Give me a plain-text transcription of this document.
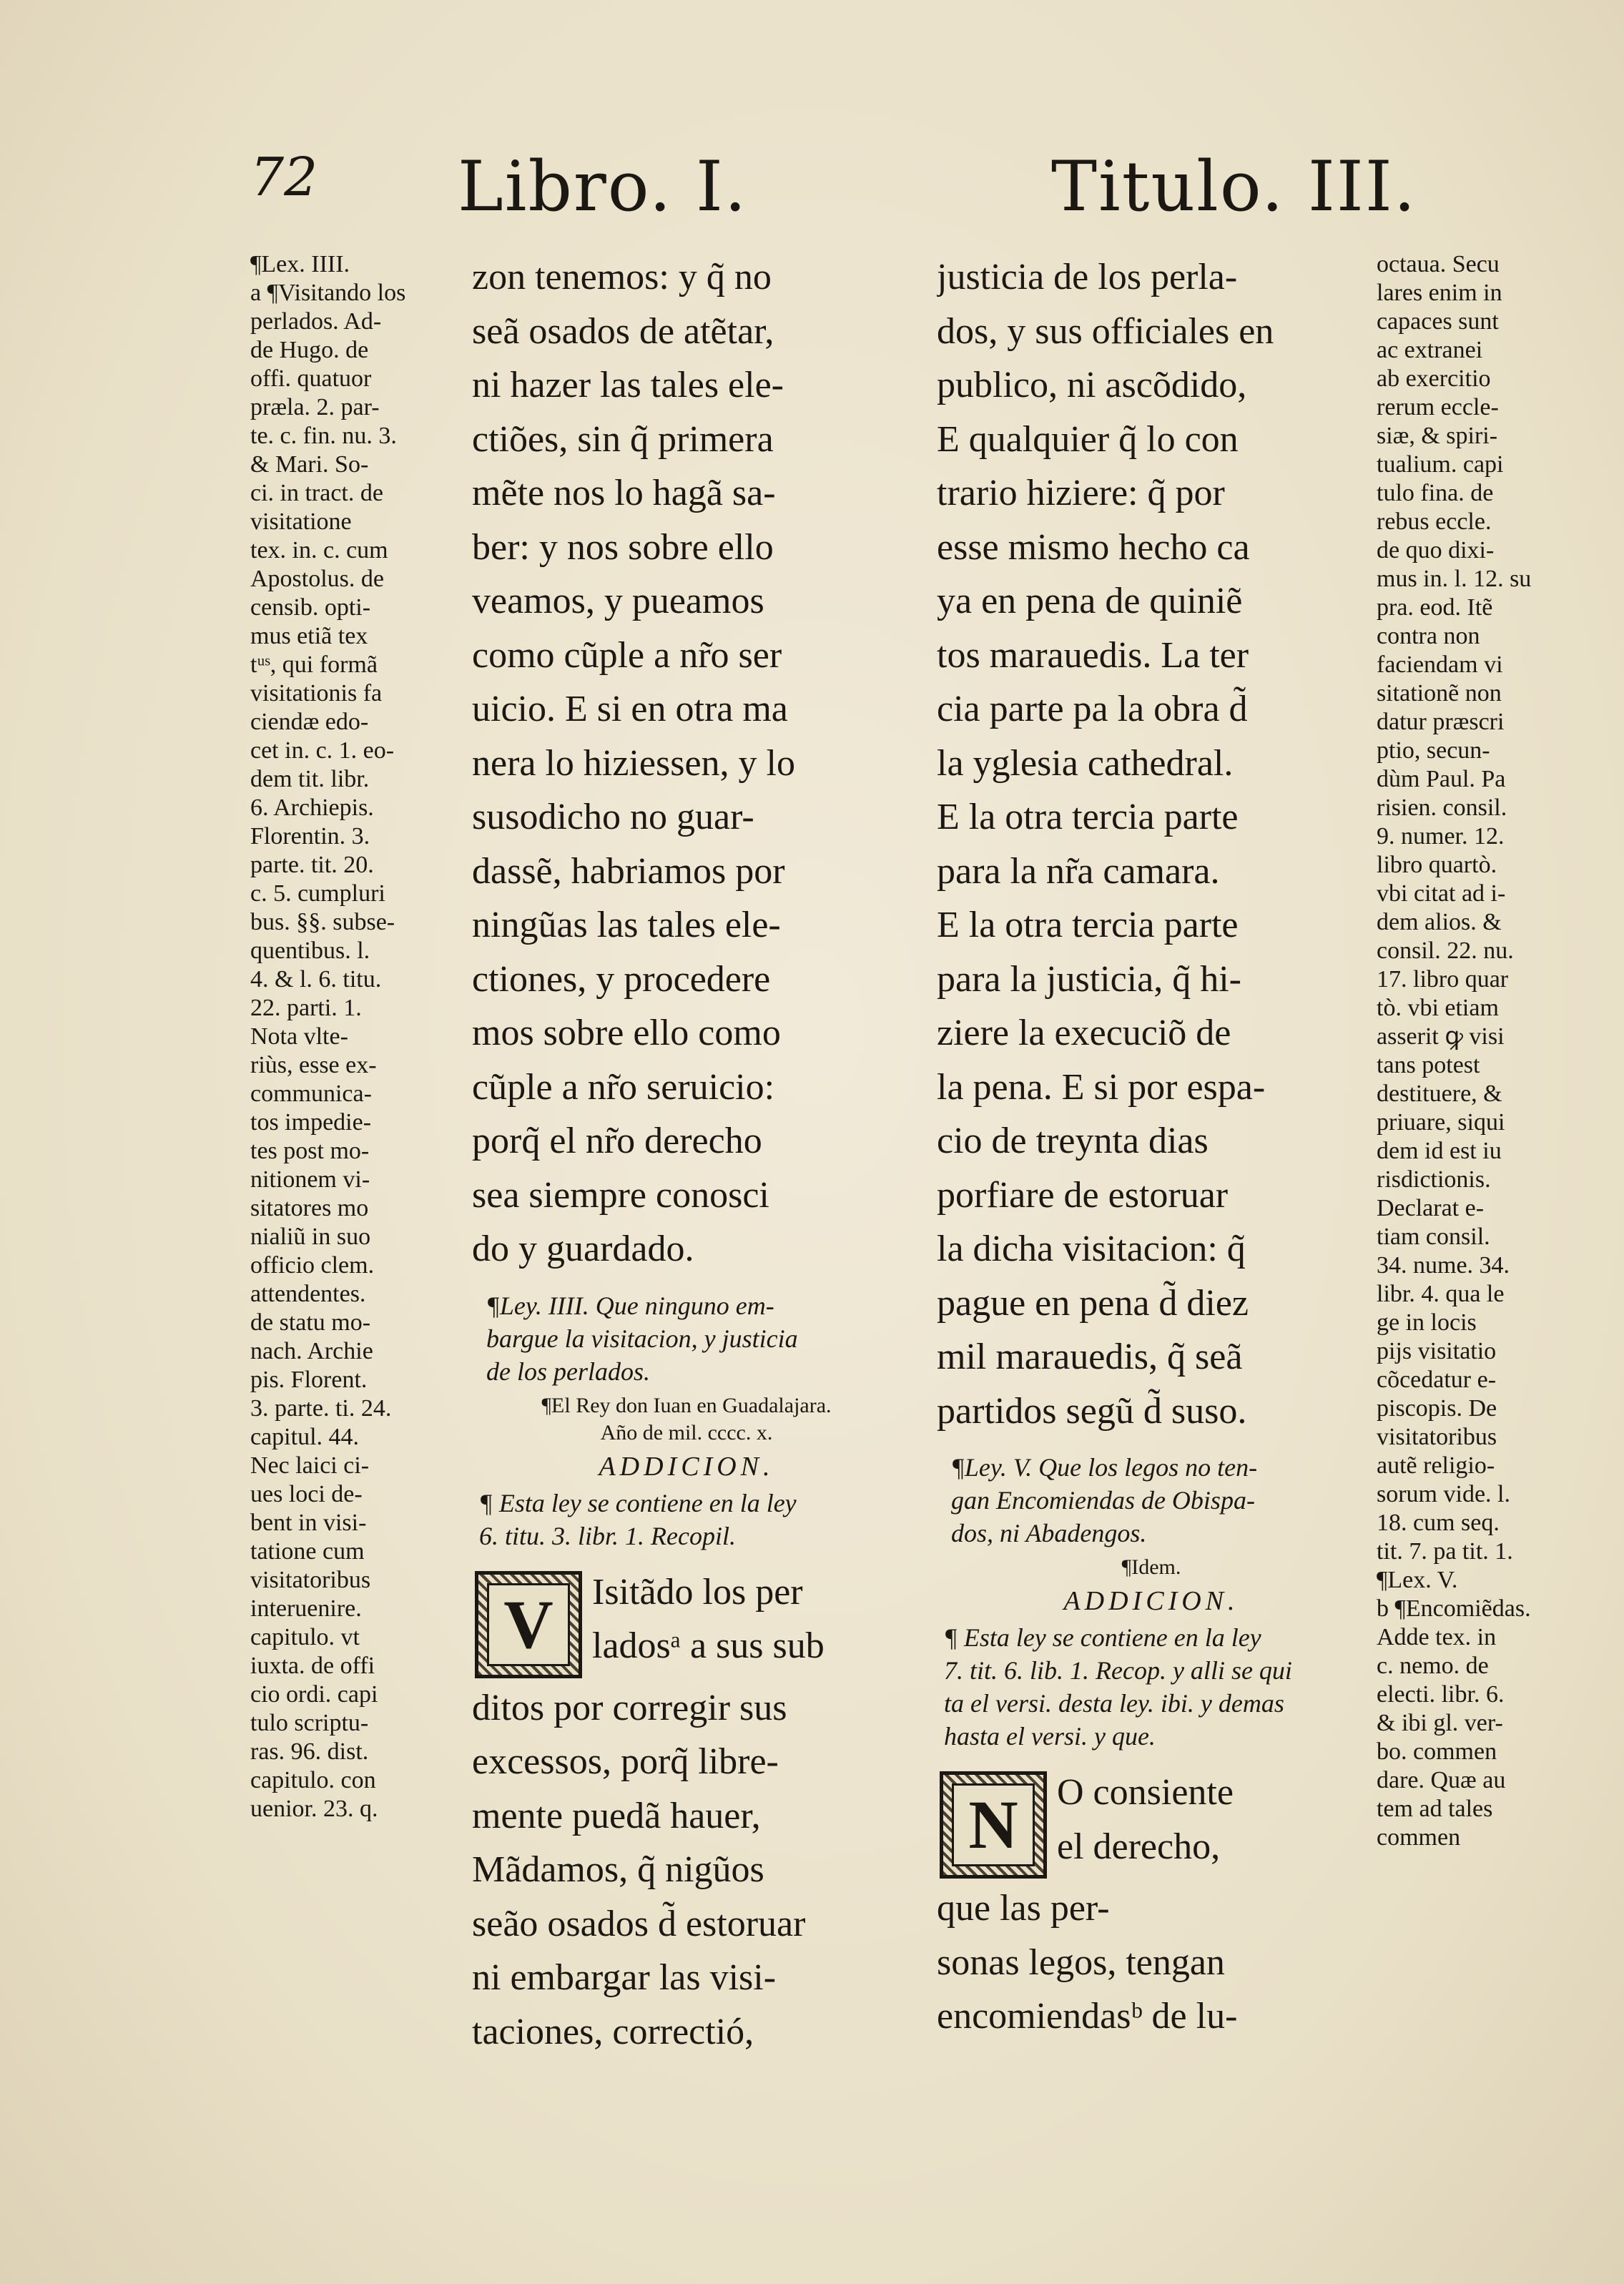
72 Libro. I.	Titulo. III.

¶Lex. IIII.

a ¶Visitando los
perlados. Ad-
de Hugo. de
offi. quatuor
præla. 2. par-
te. c. fin. nu. 3.
& Mari. So-
ci. in tract. de
visitatione
tex. in. c. cum
Apostolus. de
censib. opti-
mus etiã tex
tᵘˢ, qui formã
visitationis fa
ciendæ edo-
cet in. c. 1. eo-
dem tit. libr.
6. Archiepis.
Florentin. 3.
parte. tit. 20.
c. 5. cumpluri
bus. §§. subse-
quentibus. l.
4. & l. 6. titu.
22. parti. 1.
Nota vlte-
riùs, esse ex-
communica-
tos impedie-
tes post mo-
nitionem vi-
sitatores mo
nialiũ in suo
officio clem.
attendentes.
de statu mo-
nach. Archie
pis. Florent.
3. parte. ti. 24.
capitul. 44.
Nec laici ci-
ues loci de-
bent in visi-
tatione cum
visitatoribus
interuenire.
capitulo. vt
iuxta. de offi
cio ordi. capi
tulo scriptu-
ras. 96. dist.
capitulo. con
uenior. 23. q.

zon tenemos: y q̃ no

seã osados de atẽtar,

ni hazer las tales ele-

ctiões, sin q̃ primera

mẽte nos lo hagã sa-

ber: y nos sobre ello

veamos, y pueamos

como cũple a nr̃o ser

uicio. E si en otra ma

nera lo hiziessen, y lo

susodicho no guar-

dassẽ, habriamos por

ningũas las tales ele-

ctiones, y procedere

mos sobre ello como

cũple a nr̃o seruicio:

porq̃ el nr̃o derecho

sea siempre conosci

do y guardado.

¶Ley. IIII. Que ninguno em-
bargue la visitacion, y justicia
de los perlados.

¶El Rey don Iuan en Guadalajara.
Año de mil. cccc. x.

ADDICION.

¶ Esta ley se contiene en la ley
6. titu. 3. libr. 1. Recopil.

V	Isitãdo los per

ladosᵃ a sus sub

ditos por corregir sus

excessos, porq̃ libre-

mente puedã hauer,

Mãdamos, q̃ nigũos

seão osados d̃ estoruar

ni embargar las visi-

taciones, correctió,

justicia de los perla-

dos, y sus officiales en

publico, ni ascõdido,

E qualquier q̃ lo con

trario hiziere: q̃ por

esse mismo hecho ca

ya en pena de quiniẽ

tos marauedis. La ter

cia parte pa la obra d̃

la yglesia cathedral.

E la otra tercia parte

para la nr̃a camara.

E la otra tercia parte

para la justicia, q̃ hi-

ziere la execuciõ de

la pena. E si por espa-

cio de treynta dias

porfiare de estoruar

la dicha visitacion: q̃

pague en pena d̃ diez

mil marauedis, q̃ seã

partidos segũ d̃ suso.

¶Ley. V. Que los legos no ten-
gan Encomiendas de Obispa-
dos, ni Abadengos.

¶Idem.

ADDICION.

¶ Esta ley se contiene en la ley
7. tit. 6. lib. 1. Recop. y alli se qui
ta el versi. desta ley. ibi. y demas
hasta el versi. y que.

N	O consiente

el derecho,

que las per-

sonas legos, tengan

encomiendasᵇ de lu-

octaua. Secu
lares enim in
capaces sunt
ac extranei
ab exercitio
rerum eccle-
siæ, & spiri-
tualium. capi
tulo fina. de
rebus eccle.
de quo dixi-
mus in. l. 12. su
pra. eod. Itẽ
contra non
faciendam vi
sitationẽ non
datur præscri
ptio, secun-
dùm Paul. Pa
risien. consil.
9. numer. 12.
libro quartò.
vbi citat ad i-
dem alios. &
consil. 22. nu.
17. libro quar
tò. vbi etiam
asserit ꝙ visi
tans potest
destituere, &
priuare, siqui
dem id est iu
risdictionis.
Declarat e-
tiam consil.
34. nume. 34.
libr. 4. qua le
ge in locis
pijs visitatio
cõcedatur e-
piscopis. De
visitatoribus
autẽ religio-
sorum vide. l.
18. cum seq.
tit. 7. pa tit. 1.
¶Lex. V.
b ¶Encomiẽdas.
Adde tex. in
c. nemo. de
electi. libr. 6.
& ibi gl. ver-
bo. commen
dare. Quæ au
tem ad tales
commen
